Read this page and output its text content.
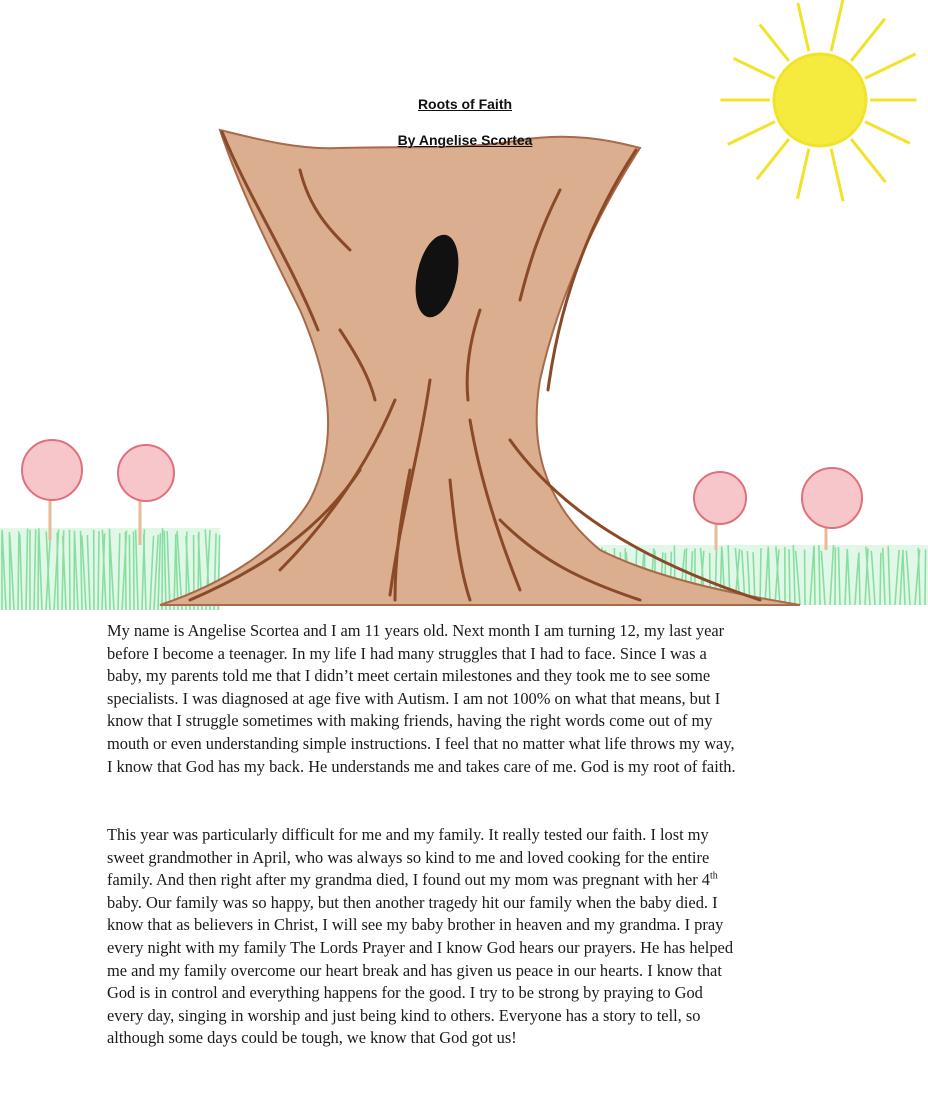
Roots of Faith
By Angelise Scortea

My name is Angelise Scortea and I am 11 years old. Next month I am turning 12, my last year
before I become a teenager. In my life I had many struggles that I had to face. Since I was a
baby, my parents told me that I didn’t meet certain milestones and they took me to see some
specialists. I was diagnosed at age five with Autism. I am not 100% on what that means, but I
know that I struggle sometimes with making friends, having the right words come out of my
mouth or even understanding simple instructions. I feel that no matter what life throws my way,
I know that God has my back. He understands me and takes care of me. God is my root of faith.

This year was particularly difficult for me and my family. It really tested our faith. I lost my
sweet grandmother in April, who was always so kind to me and loved cooking for the entire
family. And then right after my grandma died, I found out my mom was pregnant with her 4th
baby. Our family was so happy, but then another tragedy hit our family when the baby died. I
know that as believers in Christ, I will see my baby brother in heaven and my grandma. I pray
every night with my family The Lords Prayer and I know God hears our prayers. He has helped
me and my family overcome our heart break and has given us peace in our hearts. I know that
God is in control and everything happens for the good. I try to be strong by praying to God
every day, singing in worship and just being kind to others. Everyone has a story to tell, so
although some days could be tough, we know that God got us!
